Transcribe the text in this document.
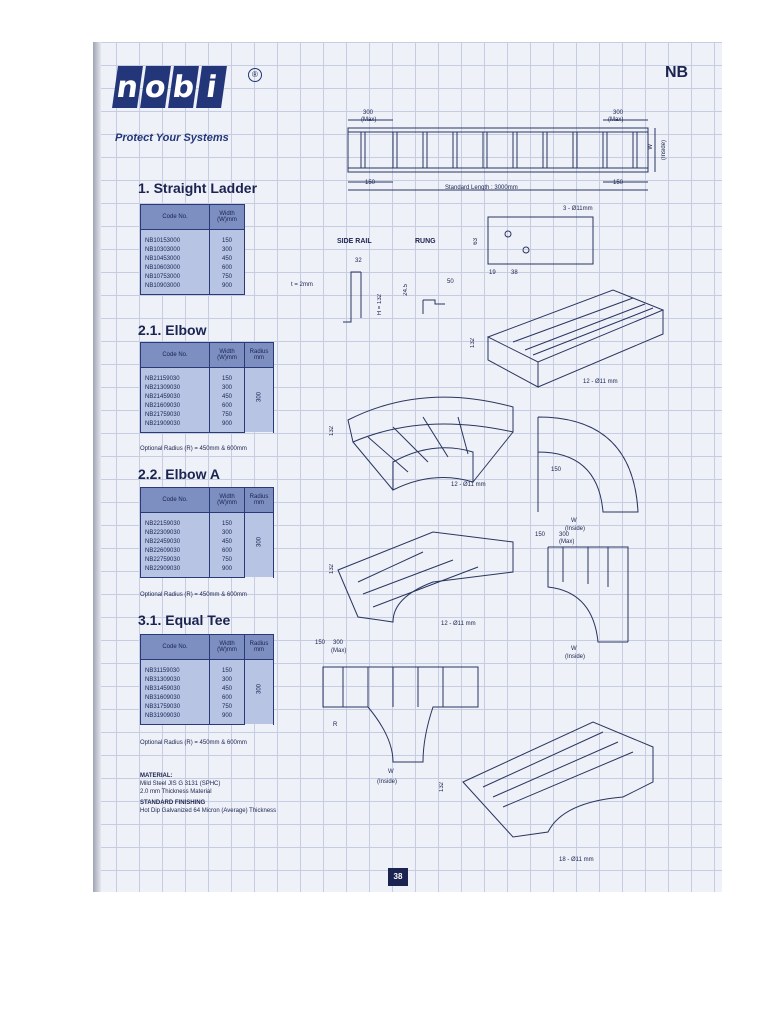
n o b i	®
Protect Your Systems
NB
1. Straight Ladder
Code No.	Width (W)mm
NB10153000	150
NB10303000	300
NB10453000	450
NB10603000	600
NB10753000	750
NB10903000	900
2.1. Elbow
Code No.	Width (W)mm	Radius mm
NB21159030	150	300
NB21309030	300	
NB21459030	450	
NB21609030	600	
NB21759030	750	
NB21909030	900	
Optional Radius (R) = 450mm & 600mm
2.2. Elbow A
Code No.	Width (W)mm	Radius mm
NB22159030	150	300
NB22309030	300	
NB22459030	450	
NB22609030	600	
NB22759030	750	
NB22909030	900	
Optional Radius (R) = 450mm & 600mm
3.1. Equal Tee
Code No.	Width (W)mm	Radius mm
NB31159030	150	300
NB31309030	300	
NB31459030	450	
NB31609030	600	
NB31759030	750	
NB31909030	900	
Optional Radius (R) = 450mm & 600mm
MATERIAL:
Mild Steel JIS G 3131 (SPHC)
2.0 mm Thickness Material
STANDARD FINISHING
Hot Dip Galvanized 64 Micron (Average) Thickness
38
300
(Max)
300
(Max)
W (Inside)
150
Standard Length : 3000mm
150
3 - Ø11mm
SIDE RAIL	RUNG
t = 2mm
32
H = 132
24.5
50
63
19	38
132
12 - Ø11 mm
132
12 - Ø11 mm
150
W
(Inside)
150 300
(Max)
132
12 - Ø11 mm
W
(Inside)
150 300
(Max)
R
W
(Inside)	132
18 - Ø11 mm
